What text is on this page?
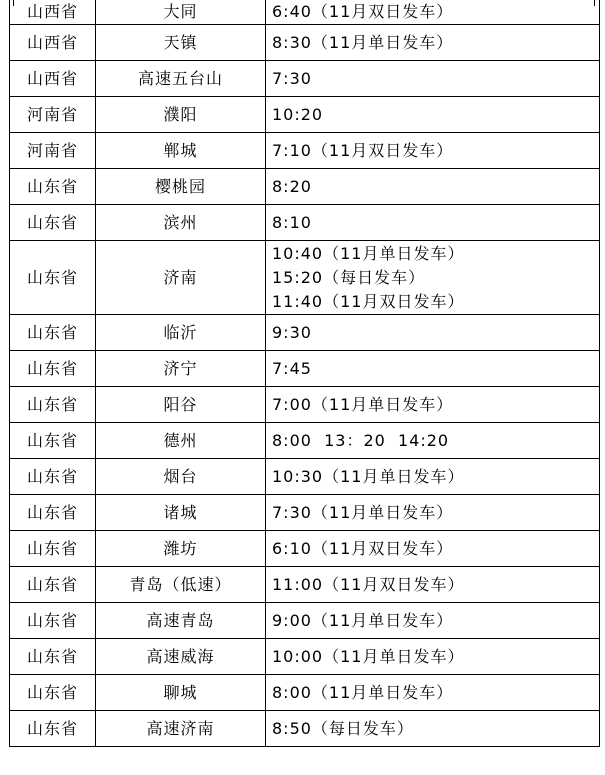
山西省	大同	6:40（11月双日发车）

山西省	天镇	8:30（11月单日发车）

山西省	高速五台山	7:30

河南省	濮阳	10:20

河南省	郸城	7:10（11月双日发车）

山东省	樱桃园	8:20

山东省	滨州	8:10

山东省	济南	10:40（11月单日发车）
15:20（每日发车）
11:40（11月双日发车）

山东省	临沂	9:30

山东省	济宁	7:45

山东省	阳谷	7:00（11月单日发车）

山东省	德州	8:00  13：20  14:20

山东省	烟台	10:30（11月单日发车）

山东省	诸城	7:30（11月单日发车）

山东省	潍坊	6:10（11月双日发车）

山东省	青岛（低速）	11:00（11月双日发车）

山东省	高速青岛	9:00（11月单日发车）

山东省	高速威海	10:00（11月单日发车）

山东省	聊城	8:00（11月单日发车）

山东省	高速济南	8:50（每日发车）
